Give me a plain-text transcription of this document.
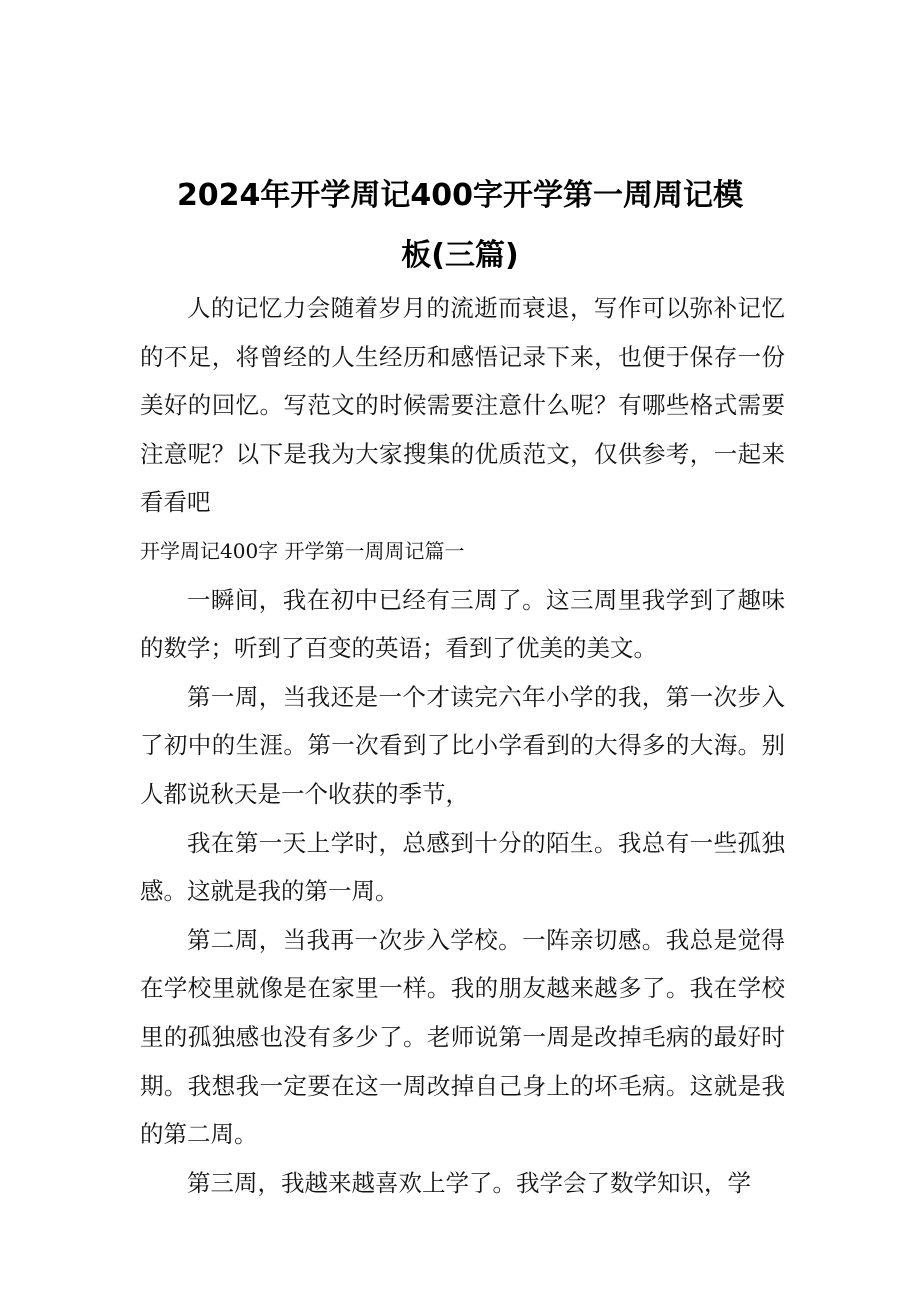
2024年开学周记400字开学第一周周记模
板(三篇)

人的记忆力会随着岁月的流逝而衰退，写作可以弥补记忆的不足，将曾经的人生经历和感悟记录下来，也便于保存一份美好的回忆。写范文的时候需要注意什么呢？有哪些格式需要注意呢？以下是我为大家搜集的优质范文，仅供参考，一起来看看吧

开学周记400字 开学第一周周记篇一

一瞬间，我在初中已经有三周了。这三周里我学到了趣味的数学；听到了百变的英语；看到了优美的美文。

第一周，当我还是一个才读完六年小学的我，第一次步入了初中的生涯。第一次看到了比小学看到的大得多的大海。别人都说秋天是一个收获的季节，

我在第一天上学时，总感到十分的陌生。我总有一些孤独感。这就是我的第一周。

第二周，当我再一次步入学校。一阵亲切感。我总是觉得在学校里就像是在家里一样。我的朋友越来越多了。我在学校里的孤独感也没有多少了。老师说第一周是改掉毛病的最好时期。我想我一定要在这一周改掉自己身上的坏毛病。这就是我的第二周。

第三周，我越来越喜欢上学了。我学会了数学知识，学
